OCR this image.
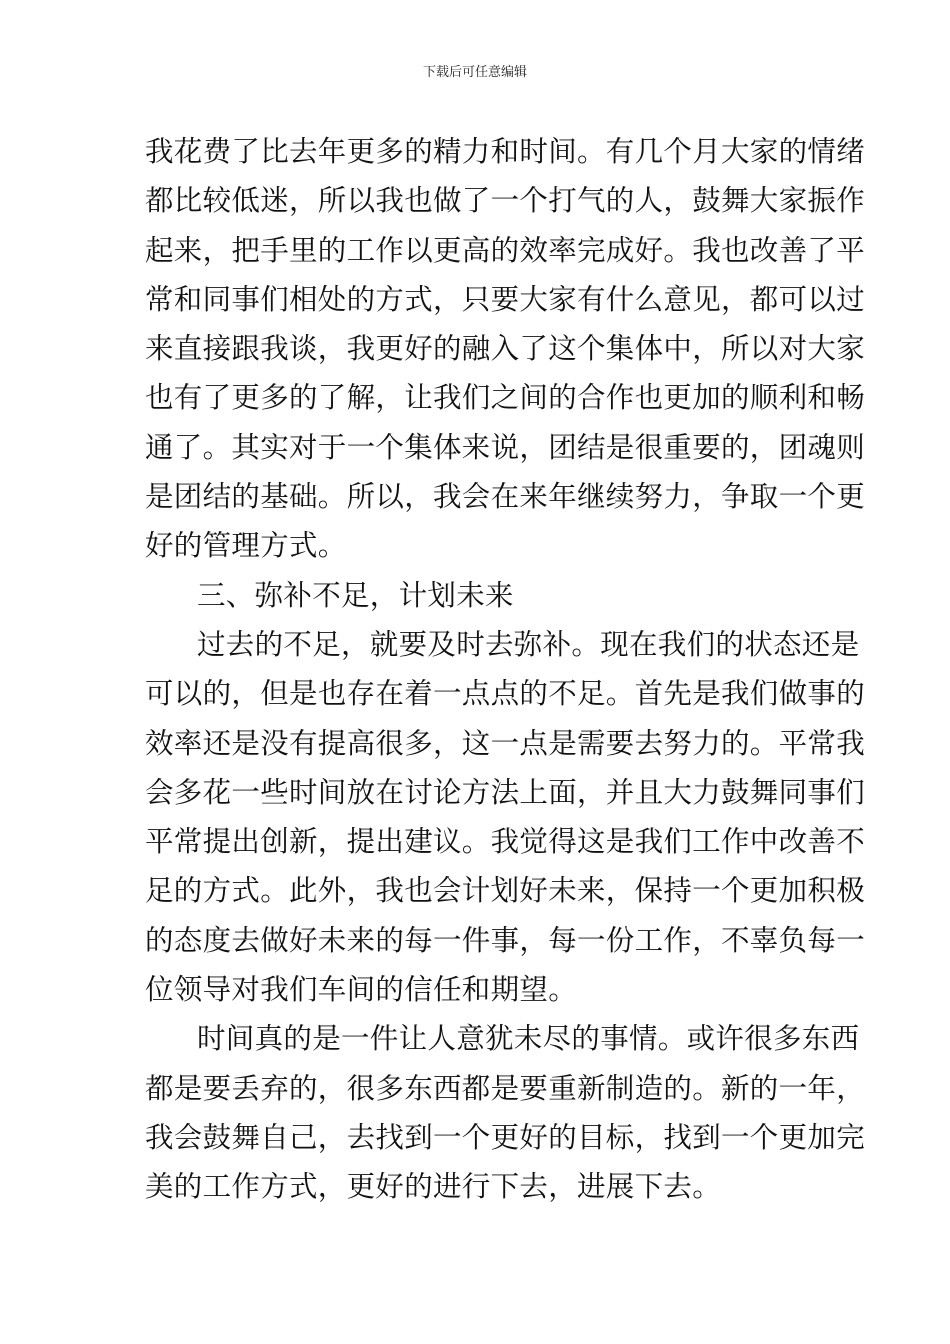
下载后可任意编辑
我花费了比去年更多的精力和时间。有几个月大家的情绪
都比较低迷，所以我也做了一个打气的人，鼓舞大家振作
起来，把手里的工作以更高的效率完成好。我也改善了平
常和同事们相处的方式，只要大家有什么意见，都可以过
来直接跟我谈，我更好的融入了这个集体中，所以对大家
也有了更多的了解，让我们之间的合作也更加的顺利和畅
通了。其实对于一个集体来说，团结是很重要的，团魂则
是团结的基础。所以，我会在来年继续努力，争取一个更
好的管理方式。
三、弥补不足，计划未来
过去的不足，就要及时去弥补。现在我们的状态还是
可以的，但是也存在着一点点的不足。首先是我们做事的
效率还是没有提高很多，这一点是需要去努力的。平常我
会多花一些时间放在讨论方法上面，并且大力鼓舞同事们
平常提出创新，提出建议。我觉得这是我们工作中改善不
足的方式。此外，我也会计划好未来，保持一个更加积极
的态度去做好未来的每一件事，每一份工作，不辜负每一
位领导对我们车间的信任和期望。
时间真的是一件让人意犹未尽的事情。或许很多东西
都是要丢弃的，很多东西都是要重新制造的。新的一年，
我会鼓舞自己，去找到一个更好的目标，找到一个更加完
美的工作方式，更好的进行下去，进展下去。
